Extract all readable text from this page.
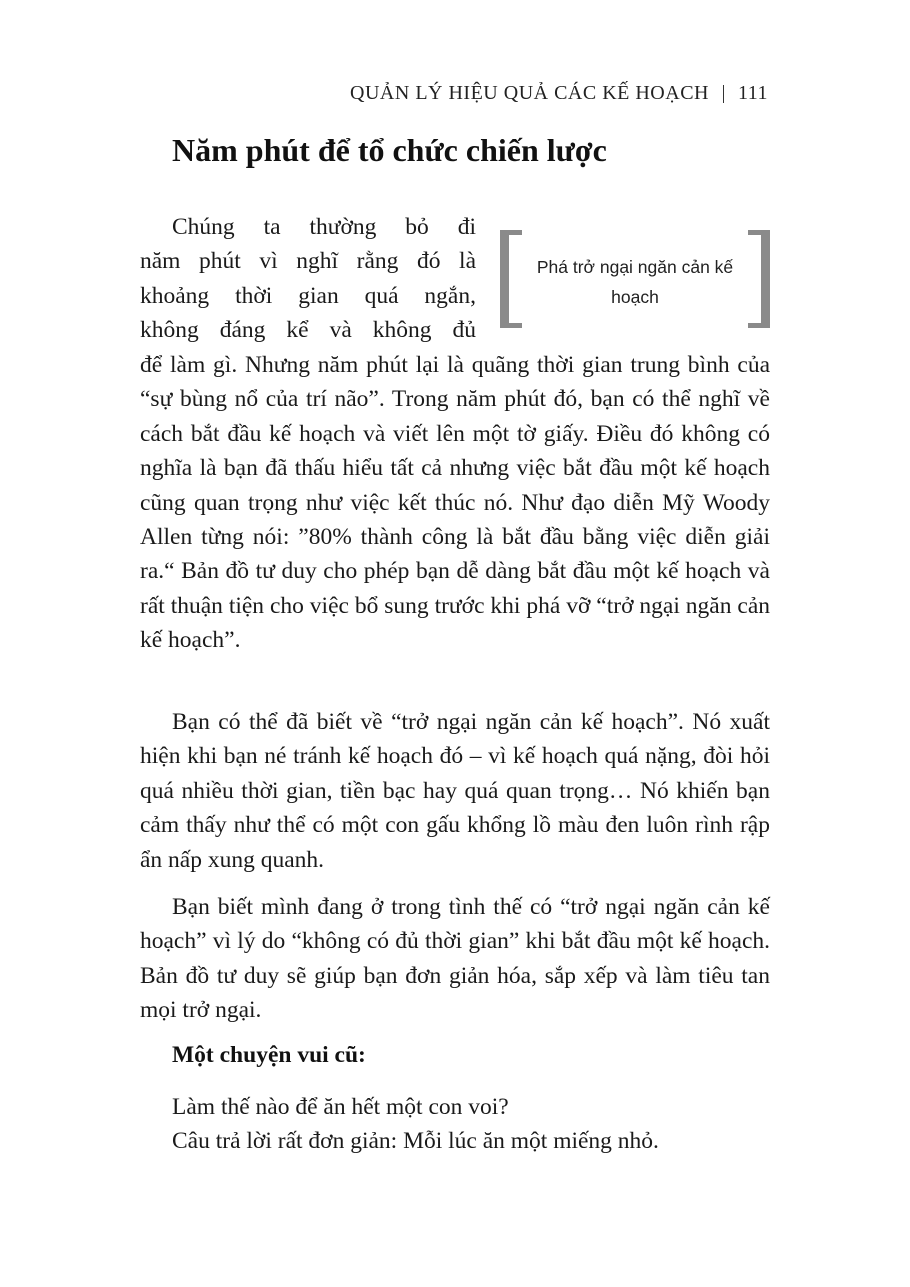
QUẢN LÝ HIỆU QUẢ CÁC KẾ HOẠCH 111
Năm phút để tổ chức chiến lược
Chúng ta thường bỏ đi
năm phút vì nghĩ rằng đó là
khoảng thời gian quá ngắn,
không đáng kể và không đủ
Phá trở ngại ngăn cản kế hoạch

để làm gì. Nhưng năm phút lại là quãng thời gian trung bình của “sự bùng nổ của trí não”. Trong năm phút đó, bạn có thể nghĩ về cách bắt đầu kế hoạch và viết lên một tờ giấy. Điều đó không có nghĩa là bạn đã thấu hiểu tất cả nhưng việc bắt đầu một kế hoạch cũng quan trọng như việc kết thúc nó. Như đạo diễn Mỹ Woody Allen từng nói: ”80% thành công là bắt đầu bằng việc diễn giải ra.“ Bản đồ tư duy cho phép bạn dễ dàng bắt đầu một kế hoạch và rất thuận tiện cho việc bổ sung trước khi phá vỡ “trở ngại ngăn cản kế hoạch”.

Bạn có thể đã biết về “trở ngại ngăn cản kế hoạch”. Nó xuất hiện khi bạn né tránh kế hoạch đó – vì kế hoạch quá nặng, đòi hỏi quá nhiều thời gian, tiền bạc hay quá quan trọng… Nó khiến bạn cảm thấy như thể có một con gấu khổng lồ màu đen luôn rình rập ẩn nấp xung quanh.

Bạn biết mình đang ở trong tình thế có “trở ngại ngăn cản kế hoạch” vì lý do “không có đủ thời gian” khi bắt đầu một kế hoạch. Bản đồ tư duy sẽ giúp bạn đơn giản hóa, sắp xếp và làm tiêu tan mọi trở ngại.

Một chuyện vui cũ:
Làm thế nào để ăn hết một con voi?
Câu trả lời rất đơn giản: Mỗi lúc ăn một miếng nhỏ.
